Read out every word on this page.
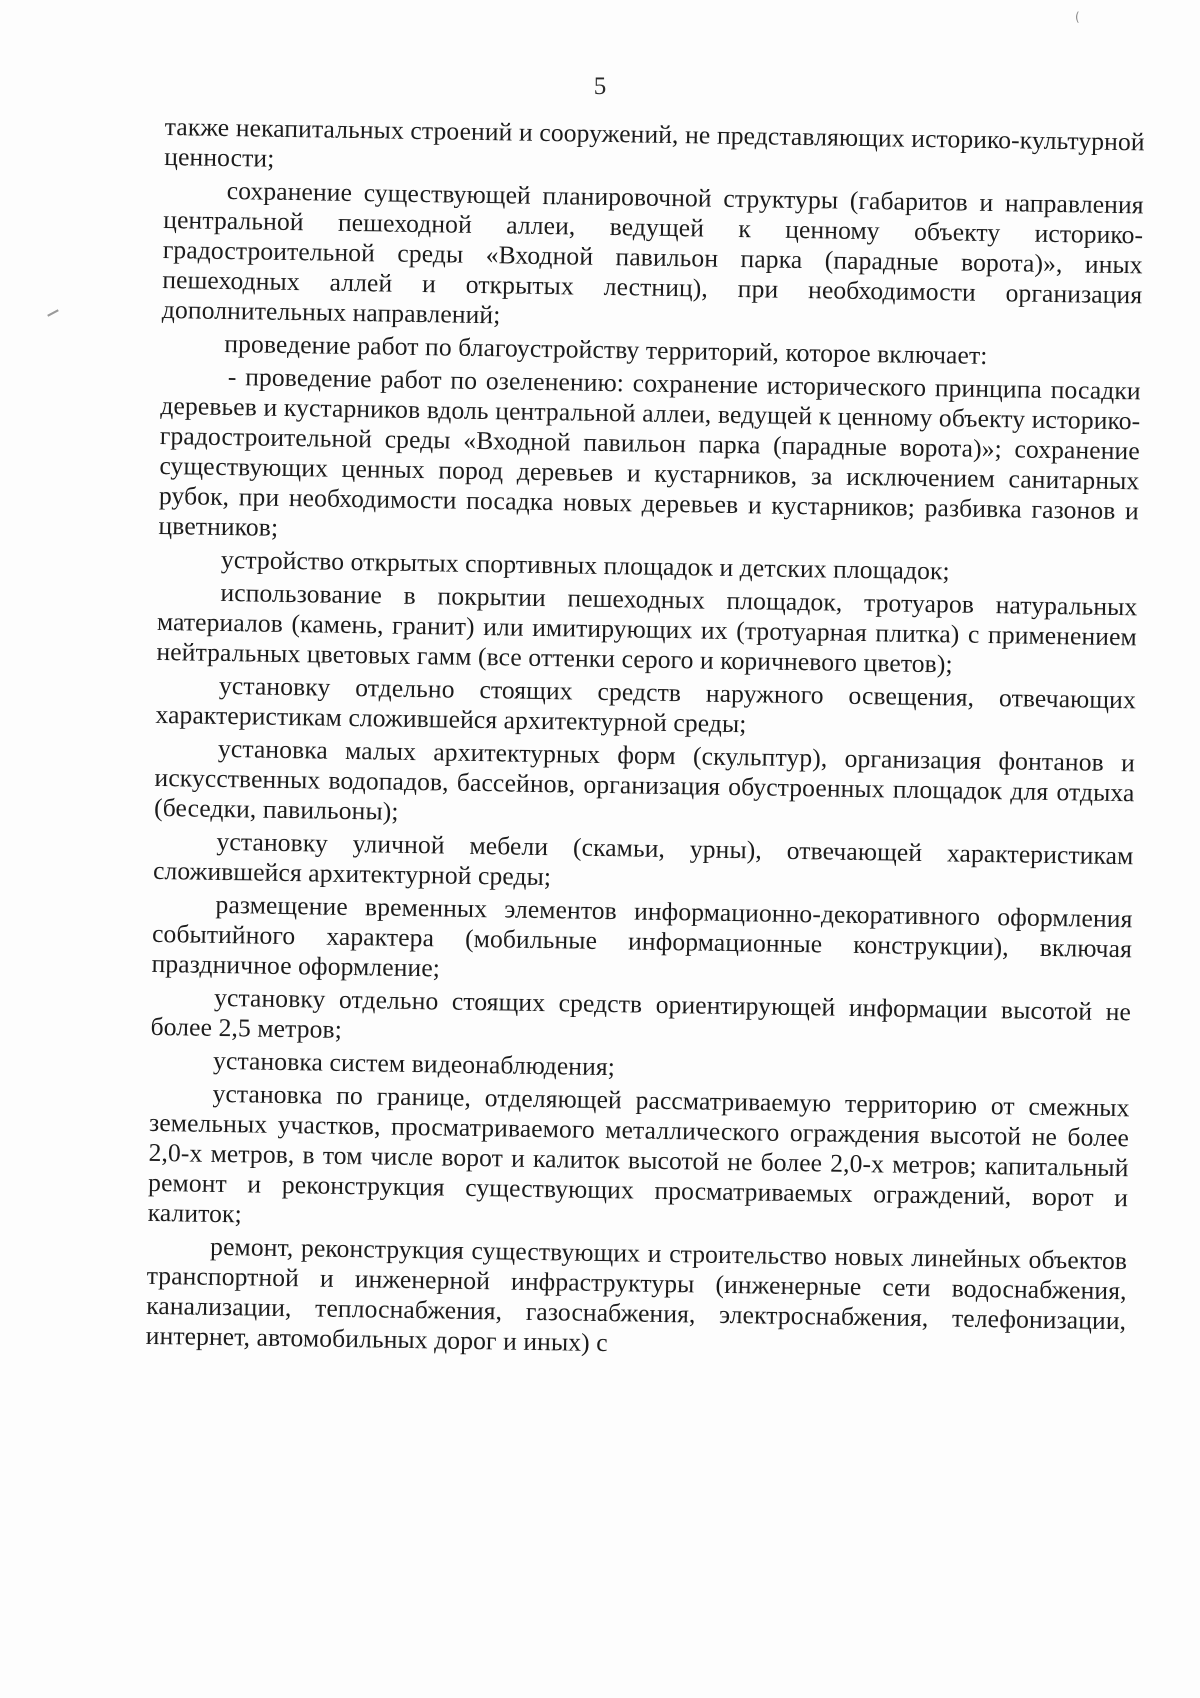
(
5

также некапитальных строений и сооружений, не представляющих историко-культурной ценности;

сохранение существующей планировочной структуры (габаритов и направления центральной пешеходной аллеи, ведущей к ценному объекту историко-градостроительной среды «Входной павильон парка (парадные ворота)», иных пешеходных аллей и открытых лестниц), при необходимости организация дополнительных направлений;

проведение работ по благоустройству территорий, которое включает:

- проведение работ по озеленению: сохранение исторического принципа посадки деревьев и кустарников вдоль центральной аллеи, ведущей к ценному объекту историко-градостроительной среды «Входной павильон парка (парадные ворота)»; сохранение существующих ценных пород деревьев и кустарников, за исключением санитарных рубок, при необходимости посадка новых деревьев и кустарников; разбивка газонов и цветников;

устройство открытых спортивных площадок и детских площадок;

использование в покрытии пешеходных площадок, тротуаров натуральных материалов (камень, гранит) или имитирующих их (тротуарная плитка) с применением нейтральных цветовых гамм (все оттенки серого и коричневого цветов);

установку отдельно стоящих средств наружного освещения, отвечающих характеристикам сложившейся архитектурной среды;

установка малых архитектурных форм (скульптур), организация фонтанов и искусственных водопадов, бассейнов, организация обустроенных площадок для отдыха (беседки, павильоны);

установку уличной мебели (скамьи, урны), отвечающей характеристикам сложившейся архитектурной среды;

размещение временных элементов информационно-декоративного оформления событийного характера (мобильные информационные конструкции), включая праздничное оформление;

установку отдельно стоящих средств ориентирующей информации высотой не более 2,5 метров;

установка систем видеонаблюдения;

установка по границе, отделяющей рассматриваемую территорию от смежных земельных участков, просматриваемого металлического ограждения высотой не более 2,0-х метров, в том числе ворот и калиток высотой не более 2,0-х метров; капитальный ремонт и реконструкция существующих просматриваемых ограждений, ворот и калиток;

ремонт, реконструкция существующих и строительство новых линейных объектов транспортной и инженерной инфраструктуры (инженерные сети водоснабжения, канализации, теплоснабжения, газоснабжения, электроснабжения, телефонизации, интернет, автомобильных дорог и иных) с
